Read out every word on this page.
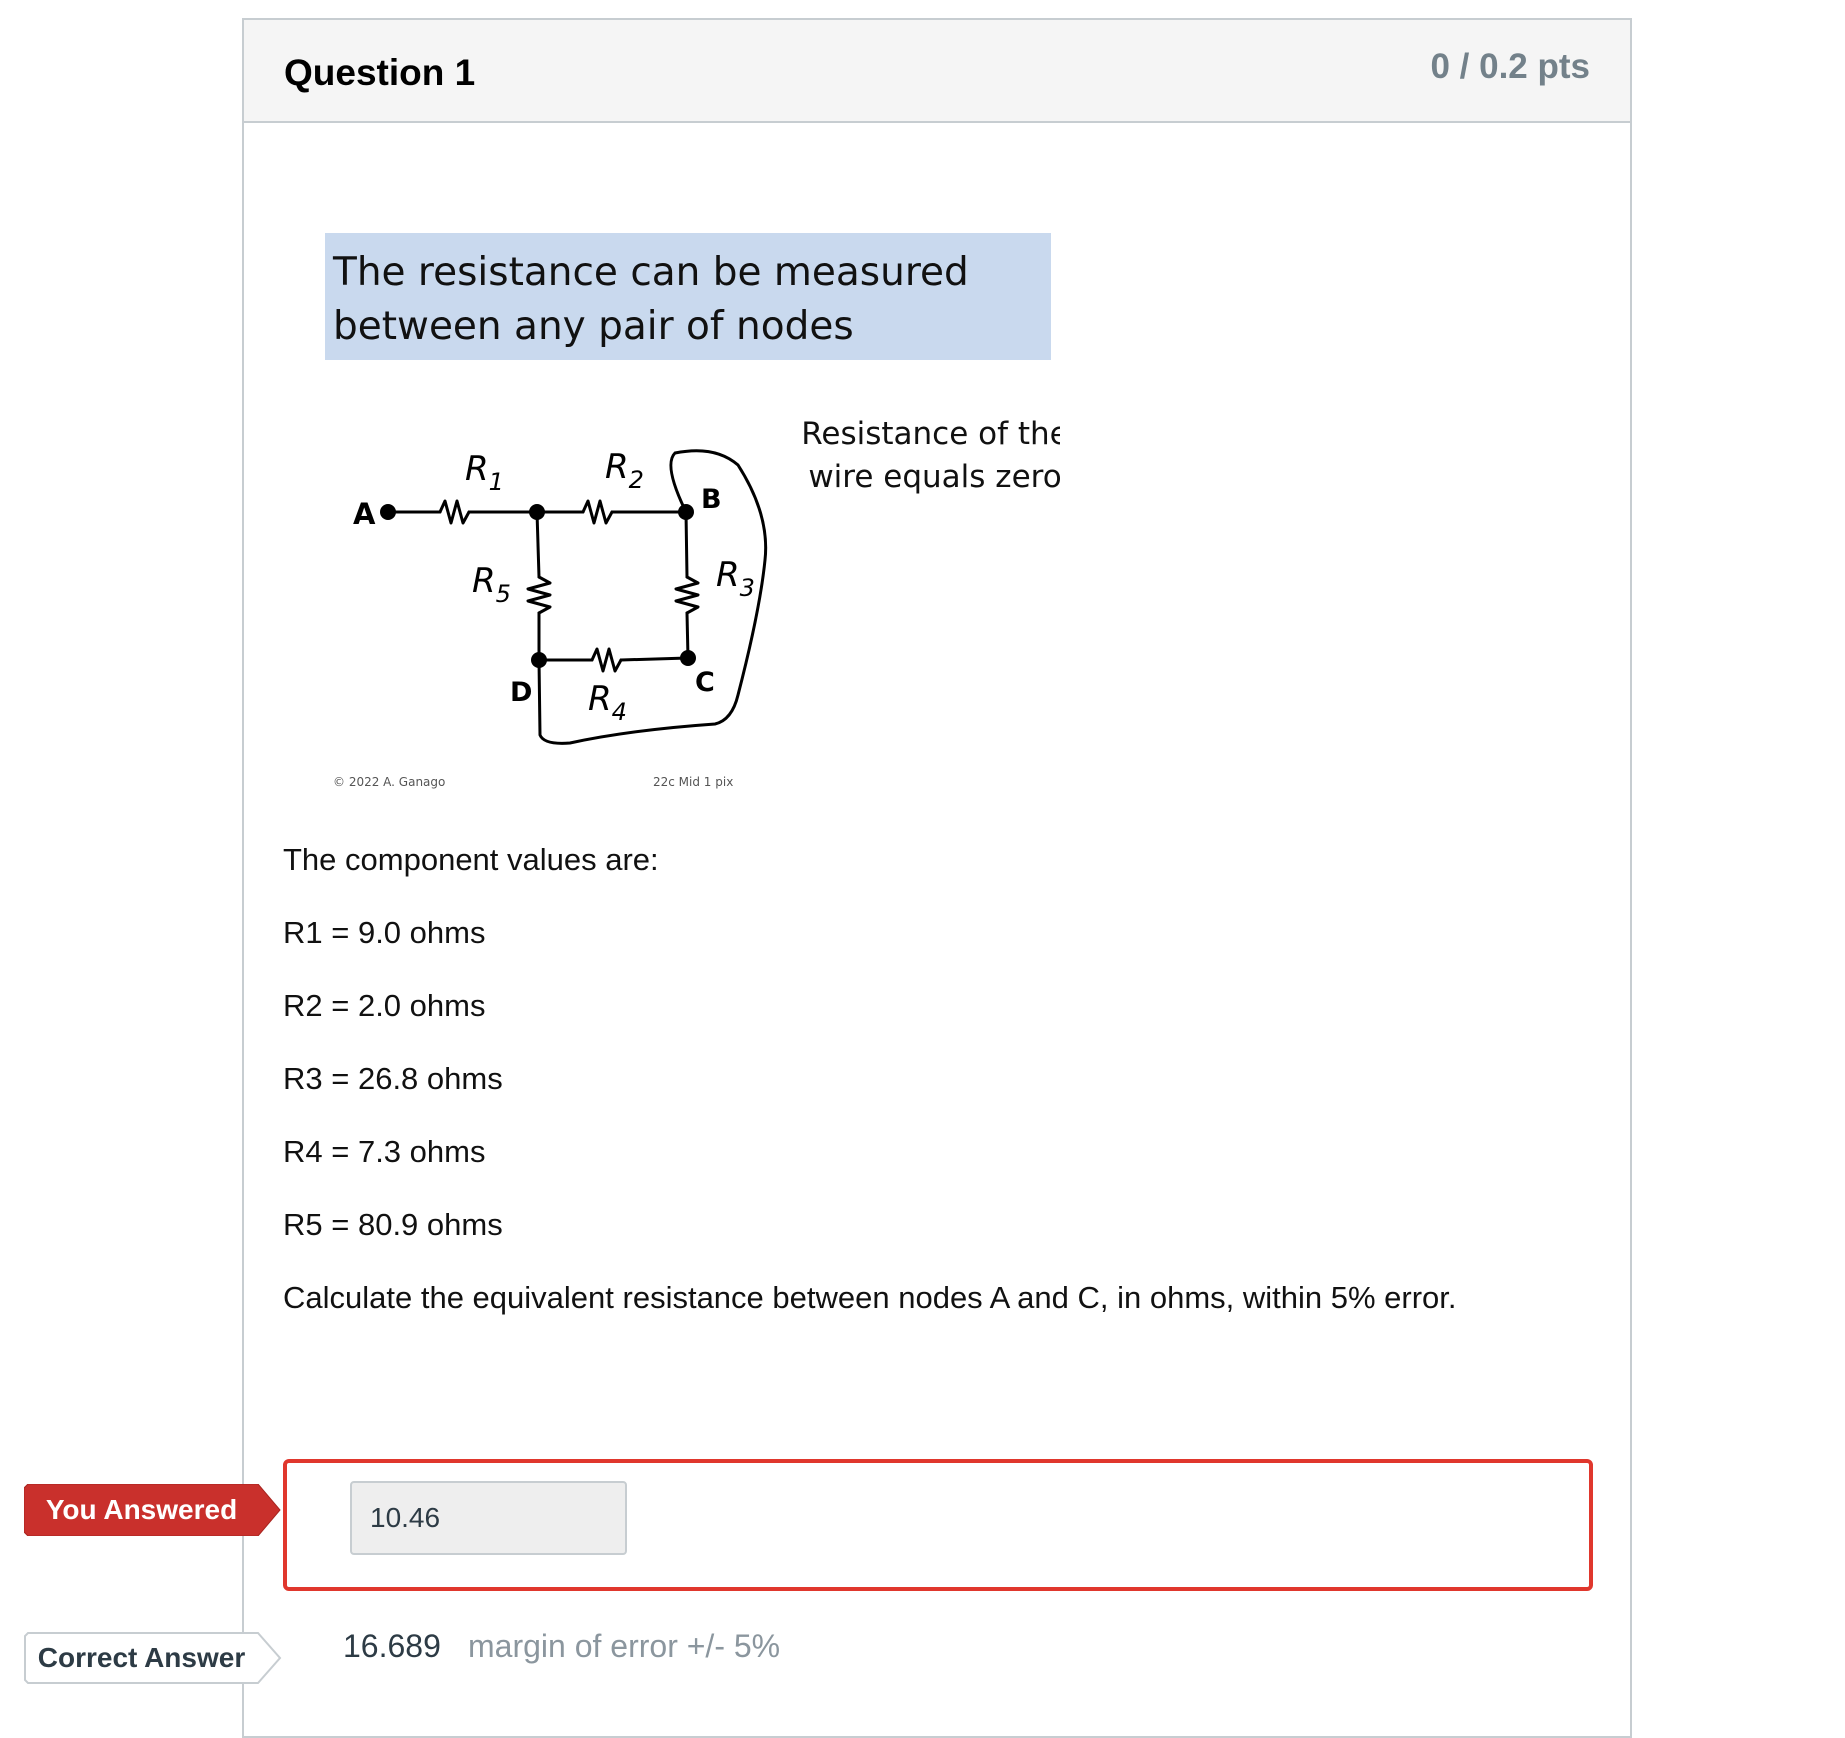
Question 1	0 / 0.2 pts
The resistance can be measured
between any pair of nodes
Resistance of the
wire equals zero
A	B
C
D
$R_1$	$R_2$
$R_3$
$R_4$
$R_5$
© 2022 A. Ganago	22c Mid 1 pix
The component values are:
R1 = 9.0 ohms
R2 = 2.0 ohms
R3 = 26.8 ohms
R4 = 7.3 ohms
R5 = 80.9 ohms
Calculate the equivalent resistance between nodes A and C, in ohms, within 5% error.
You Answered	10.46
Correct Answer	16.689 margin of error +/- 5%
